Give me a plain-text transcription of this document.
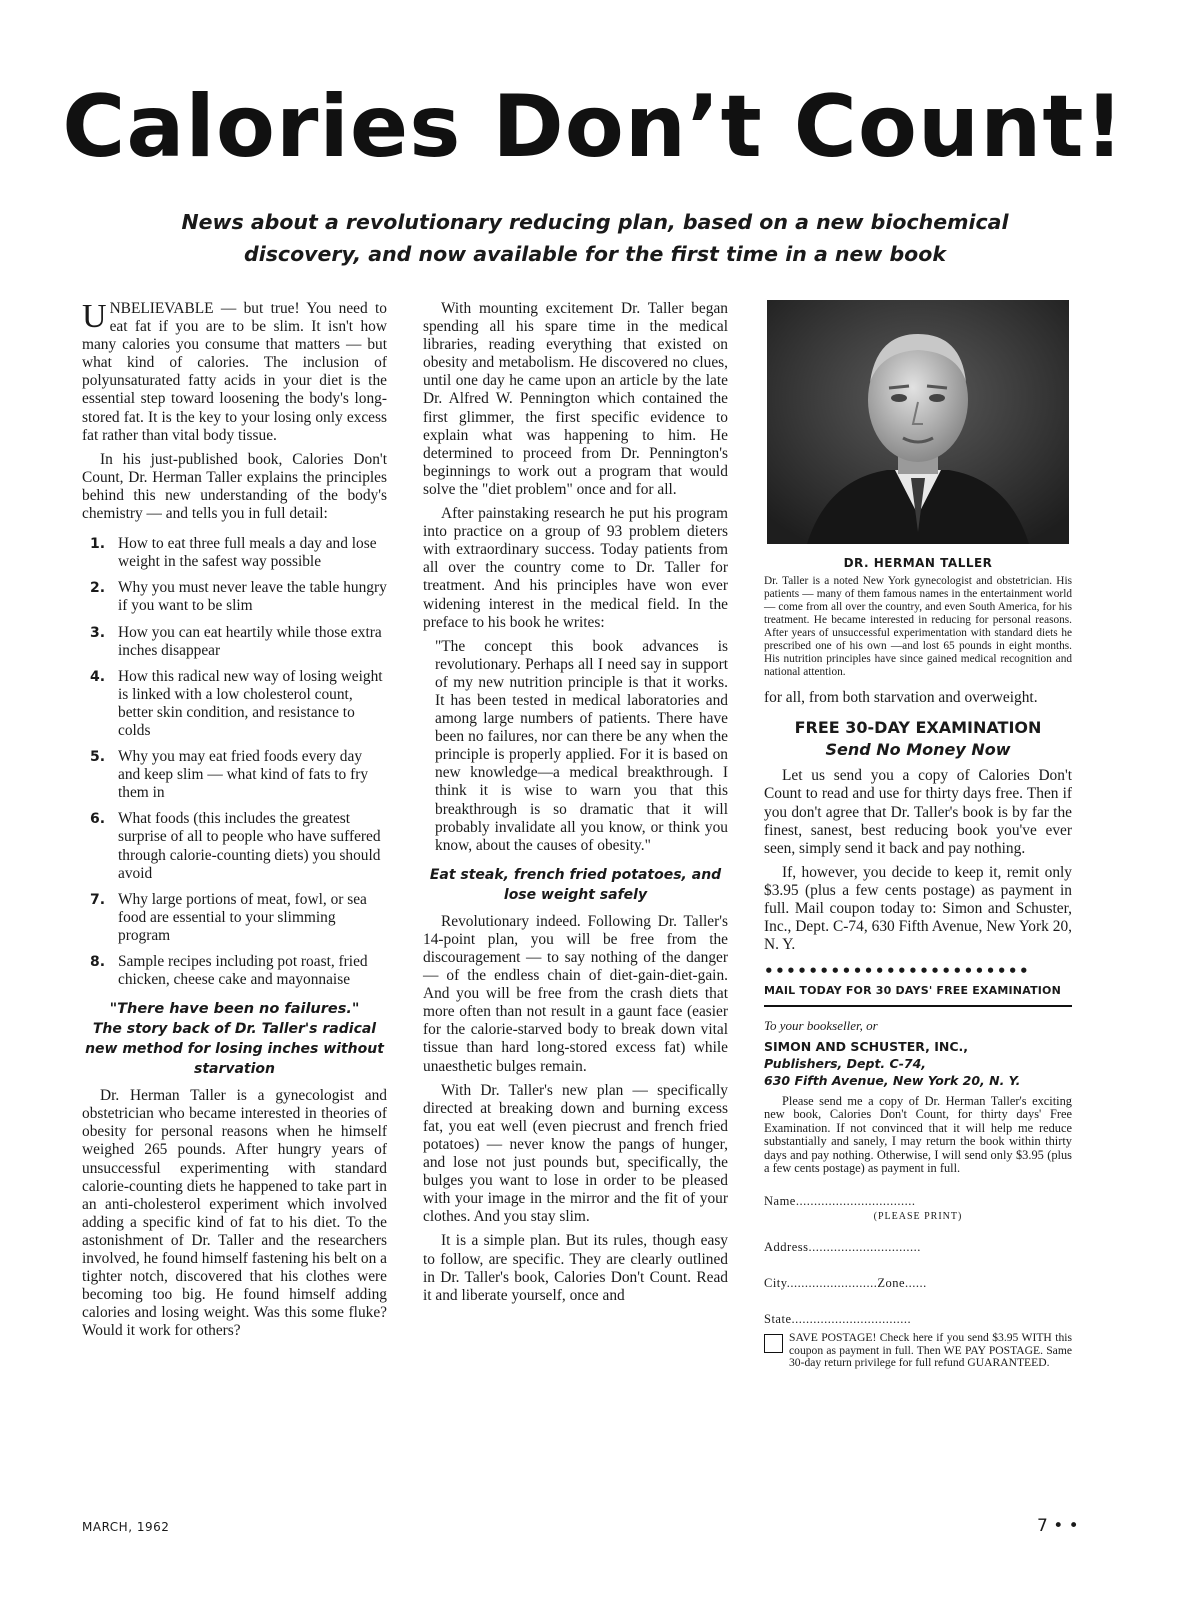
Calories Don’t Count!
News about a revolutionary reducing plan, based on a new biochemical discovery, and now available for the first time in a new book

UNBELIEVABLE — but true! You need to eat fat if you are to be slim. It isn't how many calories you consume that matters — but what kind of calories. The inclusion of polyunsaturated fatty acids in your diet is the essential step toward loosening the body's long-stored fat. It is the key to your losing only excess fat rather than vital body tissue.

In his just-published book, Calories Don't Count, Dr. Herman Taller explains the principles behind this new understanding of the body's chemistry — and tells you in full detail:

1. How to eat three full meals a day and lose weight in the safest way possible
2. Why you must never leave the table hungry if you want to be slim
3. How you can eat heartily while those extra inches disappear
4. How this radical new way of losing weight is linked with a low cholesterol count, better skin condition, and resistance to colds
5. Why you may eat fried foods every day and keep slim — what kind of fats to fry them in
6. What foods (this includes the greatest surprise of all to people who have suffered through calorie-counting diets) you should avoid
7. Why large portions of meat, fowl, or sea food are essential to your slimming program
8. Sample recipes including pot roast, fried chicken, cheese cake and mayonnaise
"There have been no failures."
The story back of Dr. Taller's radical new method for losing inches without starvation

Dr. Herman Taller is a gynecologist and obstetrician who became interested in theories of obesity for personal reasons when he himself weighed 265 pounds. After hungry years of unsuccessful experimenting with standard calorie-counting diets he happened to take part in an anti-cholesterol experiment which involved adding a specific kind of fat to his diet. To the astonishment of Dr. Taller and the researchers involved, he found himself fastening his belt on a tighter notch, discovered that his clothes were becoming too big. He found himself adding calories and losing weight. Was this some fluke? Would it work for others?

With mounting excitement Dr. Taller began spending all his spare time in the medical libraries, reading everything that existed on obesity and metabolism. He discovered no clues, until one day he came upon an article by the late Dr. Alfred W. Pennington which contained the first glimmer, the first specific evidence to explain what was happening to him. He determined to proceed from Dr. Pennington's beginnings to work out a program that would solve the "diet problem" once and for all.

After painstaking research he put his program into practice on a group of 93 problem dieters with extraordinary success. Today patients from all over the country come to Dr. Taller for treatment. And his principles have won ever widening interest in the medical field. In the preface to his book he writes:

"The concept this book advances is revolutionary. Perhaps all I need say in support of my new nutrition principle is that it works. It has been tested in medical laboratories and among large numbers of patients. There have been no failures, nor can there be any when the principle is properly applied. For it is based on new knowledge—a medical breakthrough. I think it is wise to warn you that this breakthrough is so dramatic that it will probably invalidate all you know, or think you know, about the causes of obesity."

Eat steak, french fried potatoes, and lose weight safely

Revolutionary indeed. Following Dr. Taller's 14-point plan, you will be free from the discouragement — to say nothing of the danger — of the endless chain of diet-gain-diet-gain. And you will be free from the crash diets that more often than not result in a gaunt face (easier for the calorie-starved body to break down vital tissue than hard long-stored excess fat) while unaesthetic bulges remain.

With Dr. Taller's new plan — specifically directed at breaking down and burning excess fat, you eat well (even piecrust and french fried potatoes) — never know the pangs of hunger, and lose not just pounds but, specifically, the bulges you want to lose in order to be pleased with your image in the mirror and the fit of your clothes. And you stay slim.

It is a simple plan. But its rules, though easy to follow, are specific. They are clearly outlined in Dr. Taller's book, Calories Don't Count. Read it and liberate yourself, once and

DR. HERMAN TALLER
Dr. Taller is a noted New York gynecologist and obstetrician. His patients — many of them famous names in the entertainment world — come from all over the country, and even South America, for his treatment. He became interested in reducing for personal reasons. After years of unsuccessful experimentation with standard diets he prescribed one of his own —and lost 65 pounds in eight months. His nutrition principles have since gained medical recognition and national attention.

for all, from both starvation and overweight.

FREE 30-DAY EXAMINATION
Send No Money Now

Let us send you a copy of Calories Don't Count to read and use for thirty days free. Then if you don't agree that Dr. Taller's book is by far the finest, sanest, best reducing book you've ever seen, simply send it back and pay nothing.

If, however, you decide to keep it, remit only $3.95 (plus a few cents postage) as payment in full. Mail coupon today to: Simon and Schuster, Inc., Dept. C-74, 630 Fifth Avenue, New York 20, N. Y.

••••••••••••••••••••••••
MAIL TODAY FOR 30 DAYS' FREE EXAMINATION
To your bookseller, or
SIMON AND SCHUSTER, INC.,
Publishers, Dept. C-74,
630 Fifth Avenue, New York 20, N. Y.
Please send me a copy of Dr. Herman Taller's exciting new book, Calories Don't Count, for thirty days' Free Examination. If not convinced that it will help me reduce substantially and sanely, I may return the book within thirty days and pay nothing. Otherwise, I will send only $3.95 (plus a few cents postage) as payment in full.
Name.................................
(PLEASE PRINT)
Address...............................
City.........................Zone......
State.................................
SAVE POSTAGE! Check here if you send $3.95 WITH this coupon as payment in full. Then WE PAY POSTAGE. Same 30-day return privilege for full refund GUARANTEED.
MARCH, 1962	7 • •
